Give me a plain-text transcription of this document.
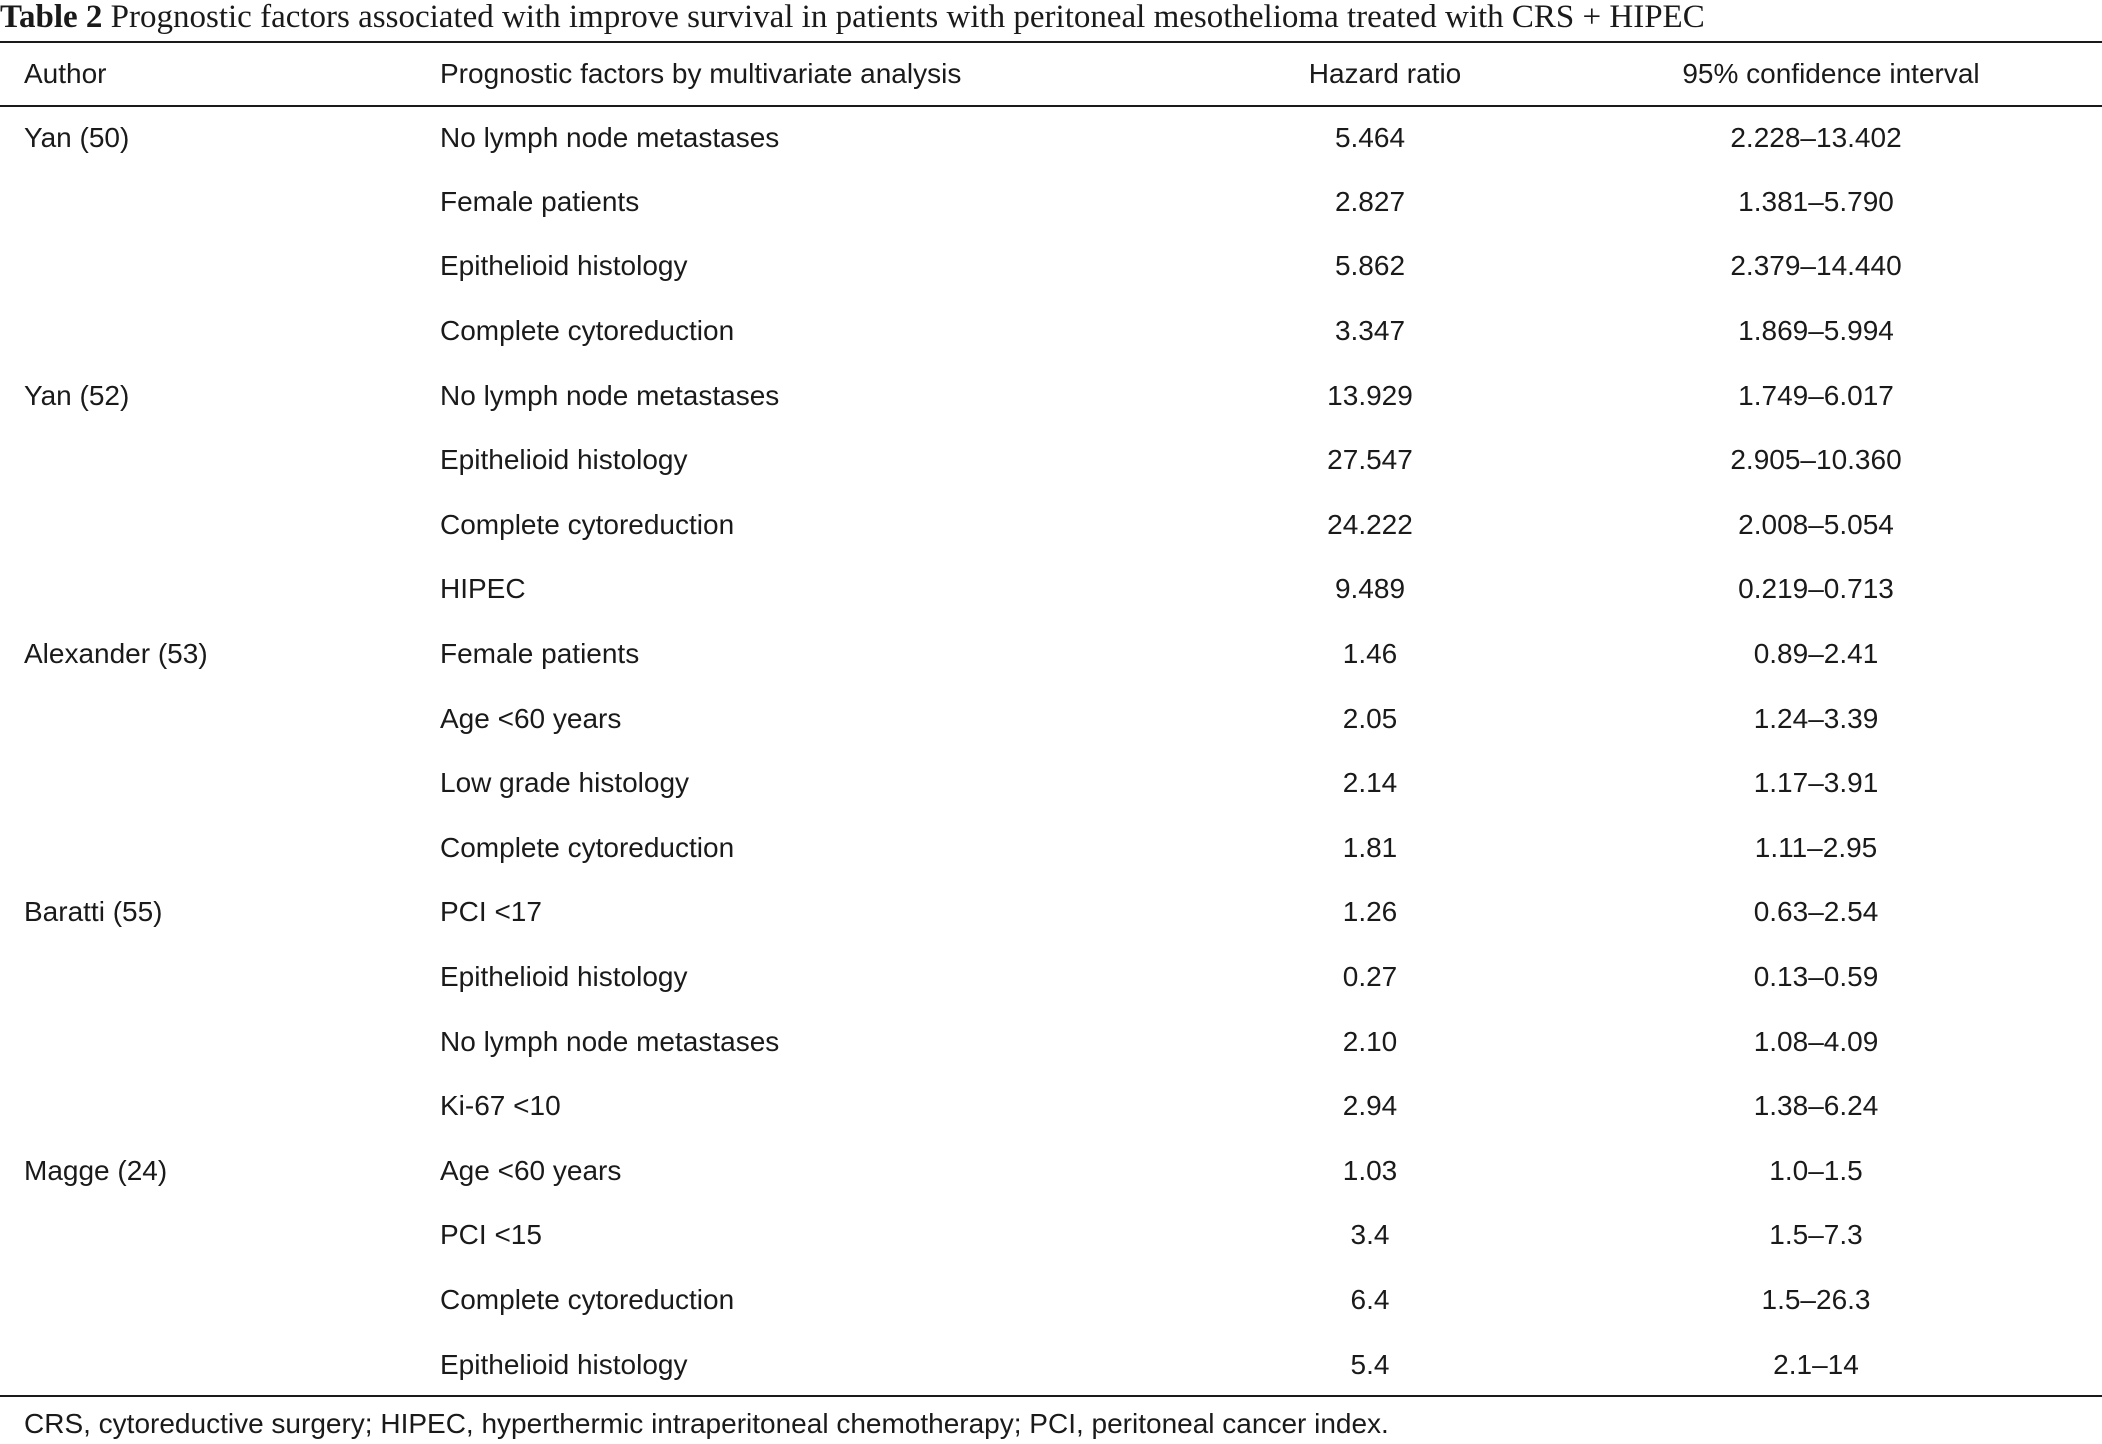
Table 2 Prognostic factors associated with improve survival in patients with peritoneal mesothelioma treated with CRS + HIPEC
Author	Prognostic factors by multivariate analysis	Hazard ratio	95% confidence interval
Yan (50)	No lymph node metastases	5.464	2.228–13.402
	Female patients	2.827	1.381–5.790
	Epithelioid histology	5.862	2.379–14.440
	Complete cytoreduction	3.347	1.869–5.994
Yan (52)	No lymph node metastases	13.929	1.749–6.017
	Epithelioid histology	27.547	2.905–10.360
	Complete cytoreduction	24.222	2.008–5.054
	HIPEC	9.489	0.219–0.713
Alexander (53)	Female patients	1.46	0.89–2.41
	Age <60 years	2.05	1.24–3.39
	Low grade histology	2.14	1.17–3.91
	Complete cytoreduction	1.81	1.11–2.95
Baratti (55)	PCI <17	1.26	0.63–2.54
	Epithelioid histology	0.27	0.13–0.59
	No lymph node metastases	2.10	1.08–4.09
	Ki-67 <10	2.94	1.38–6.24
Magge (24)	Age <60 years	1.03	1.0–1.5
	PCI <15	3.4	1.5–7.3
	Complete cytoreduction	6.4	1.5–26.3
	Epithelioid histology	5.4	2.1–14
CRS, cytoreductive surgery; HIPEC, hyperthermic intraperitoneal chemotherapy; PCI, peritoneal cancer index.
